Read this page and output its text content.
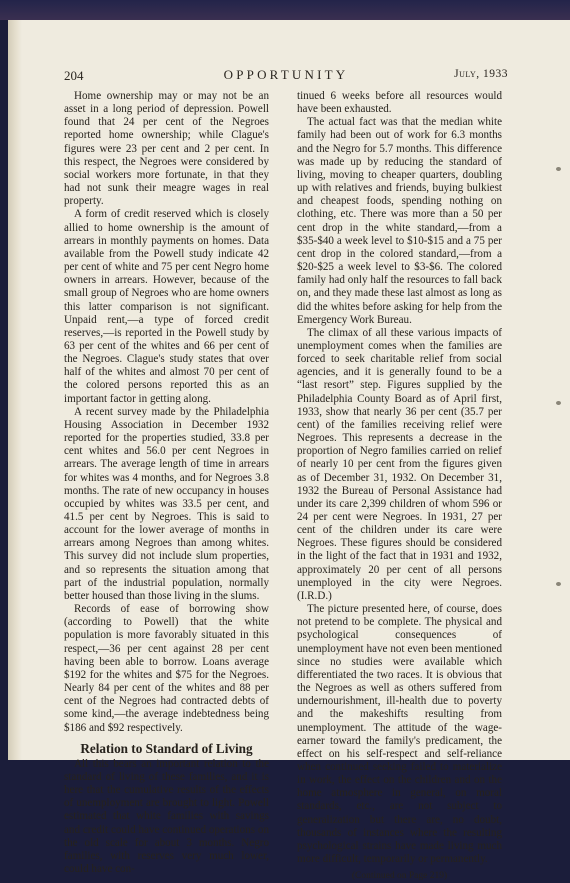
204	OPPORTUNITY	July, 1933

Home ownership may or may not be an asset in a long period of depression. Powell found that 24 per cent of the Negroes reported home ownership; while Clague's figures were 23 per cent and 2 per cent. In this respect, the Negroes were considered by social workers more fortunate, in that they had not sunk their meagre wages in real property.

A form of credit reserved which is closely allied to home ownership is the amount of arrears in monthly payments on homes. Data available from the Powell study indicate 42 per cent of white and 75 per cent Negro home owners in arrears. However, because of the small group of Negroes who are home owners this latter comparison is not significant. Unpaid rent,—a type of forced credit reserves,—is reported in the Powell study by 63 per cent of the whites and 66 per cent of the Negroes. Clague's study states that over half of the whites and almost 70 per cent of the colored persons reported this as an important factor in getting along.

A recent survey made by the Philadelphia Housing Association in December 1932 reported for the properties studied, 33.8 per cent whites and 56.0 per cent Negroes in arrears. The average length of time in arrears for whites was 4 months, and for Negroes 3.8 months. The rate of new occupancy in houses occupied by whites was 33.5 per cent, and 41.5 per cent by Negroes. This is said to account for the lower average of months in arrears among Negroes than among whites. This survey did not include slum properties, and so represents the situation among that part of the industrial population, normally better housed than those living in the slums.

Records of ease of borrowing show (according to Powell) that the white population is more favorably situated in this respect,—36 per cent against 28 per cent having been able to borrow. Loans average $192 for the whites and $75 for the Negroes. Nearly 84 per cent of the whites and 88 per cent of the Negroes had contracted debts of some kind,—the average indebtedness being $186 and $92 respectively.

Relation to Standard of Living

All this bears an important relation to the standard of living of these families, and it is here that the cumulative results of the effects of unemployment are brought to light. Powell estimated that white families with savings and credit could have continued operations on the old scale for about 3 months. Negro families, with reserves very much lower, could have con-

tinued 6 weeks before all resources would have been exhausted.

The actual fact was that the median white family had been out of work for 6.3 months and the Negro for 5.7 months. This difference was made up by reducing the standard of living, moving to cheaper quarters, doubling up with relatives and friends, buying bulkiest and cheapest foods, spending nothing on clothing, etc. There was more than a 50 per cent drop in the white standard,—from a $35-$40 a week level to $10-$15 and a 75 per cent drop in the colored standard,—from a $20-$25 a week level to $3-$6. The colored family had only half the resources to fall back on, and they made these last almost as long as did the whites before asking for help from the Emergency Work Bureau.

The climax of all these various impacts of unemployment comes when the families are forced to seek charitable relief from social agencies, and it is generally found to be a “last resort” step. Figures supplied by the Philadelphia County Board as of April first, 1933, show that nearly 36 per cent (35.7 per cent) of the families receiving relief were Negroes. This represents a decrease in the proportion of Negro families carried on relief of nearly 10 per cent from the figures given as of December 31, 1932. On December 31, 1932 the Bureau of Personal Assistance had under its care 2,399 children of whom 596 or 24 per cent were Negroes. In 1931, 27 per cent of the children under its care were Negroes. These figures should be considered in the light of the fact that in 1931 and 1932, approximately 20 per cent of all persons unemployed in the city were Negroes. (I.R.D.)

The picture presented here, of course, does not pretend to be complete. The physical and psychological consequences of unemployment have not even been mentioned since no studies were available which differentiated the two races. It is obvious that the Negroes as well as others suffered from undernourishment, ill-health due to poverty and the makeshifts resulting from unemployment. The attitude of the wage-earner toward the family's predicament, the effect on his self-respect and self-reliance when continued seeking failed to materialize in work, the effect on the children and on the home atmosphere in general, on moral standards, etc., are not subject to generalization but there are, no doubt, thousands of instances where the resulting psychological strains have made living much more difficult, temporarily or permanently.

(Continued on Page 219)
